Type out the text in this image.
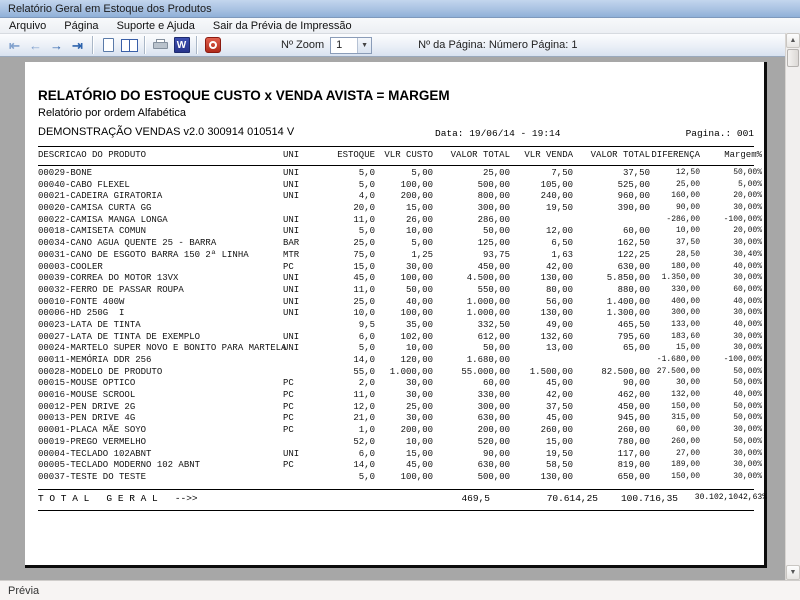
Relatório Geral em Estoque dos Produtos
Arquivo	Página	Suporte e Ajuda	Sair da Prévia de Impressão
⇤ ← → ⇥	W	Nº Zoom	1	▼	Nº da Página: Número Página: 1
RELATÓRIO DO ESTOQUE CUSTO x VENDA AVISTA = MARGEM
Relatório por ordem Alfabética
DEMONSTRAÇÃO VENDAS v2.0 300914 010514 V	Data: 19/06/14 - 19:14	Pagina.: 001
DESCRICAO DO PRODUTO	UNI	ESTOQUE	VLR CUSTO	VALOR TOTAL	VLR VENDA	VALOR TOTAL DIFERENÇA	Margem%
00029-BONE	UNI	5,0	5,00	25,00	7,50	37,50	12,50	50,00%
00040-CABO FLEXEL	UNI	5,0	100,00	500,00	105,00	525,00	25,00	5,00%
00021-CADEIRA GIRATORIA	UNI	4,0	200,00	800,00	240,00	960,00	160,00	20,00%
00020-CAMISA CURTA GG	20,0	15,00	300,00	19,50	390,00	90,00	30,00%
00022-CAMISA MANGA LONGA	UNI	11,0	26,00	286,00	-286,00	-100,00%
00018-CAMISETA COMUN	UNI	5,0	10,00	50,00	12,00	60,00	10,00	20,00%
00034-CANO AGUA QUENTE 25 - BARRA	BAR	25,0	5,00	125,00	6,50	162,50	37,50	30,00%
00031-CANO DE ESGOTO BARRA 150 2ª LINHA	MTR	75,0	1,25	93,75	1,63	122,25	28,50	30,40%
00003-COOLER	PC	15,0	30,00	450,00	42,00	630,00	180,00	40,00%
00039-CORREA DO MOTOR 13VX	UNI	45,0	100,00	4.500,00	130,00	5.850,00	1.350,00	30,00%
00032-FERRO DE PASSAR ROUPA	UNI	11,0	50,00	550,00	80,00	880,00	330,00	60,00%
00010-FONTE 400W	UNI	25,0	40,00	1.000,00	56,00	1.400,00	400,00	40,00%
00006-HD 250G  I	UNI	10,0	100,00	1.000,00	130,00	1.300,00	300,00	30,00%
00023-LATA DE TINTA	9,5	35,00	332,50	49,00	465,50	133,00	40,00%
00027-LATA DE TINTA DE EXEMPLO	UNI	6,0	102,00	612,00	132,60	795,60	183,60	30,00%
00024-MARTELO SUPER NOVO E BONITO PARA MARTELA
UNI	5,0	10,00	50,00	13,00	65,00	15,00	30,00%
00011-MEMÓRIA DDR 256	14,0	120,00	1.680,00	-1.680,00	-100,00%
00028-MODELO DE PRODUTO	55,0	1.000,00	55.000,00	1.500,00	82.500,00 27.500,00	50,00%
00015-MOUSE OPTICO	PC	2,0	30,00	60,00	45,00	90,00	30,00	50,00%
00016-MOUSE SCROOL	PC	11,0	30,00	330,00	42,00	462,00	132,00	40,00%
00012-PEN DRIVE 2G	PC	12,0	25,00	300,00	37,50	450,00	150,00	50,00%
00013-PEN DRIVE 4G	PC	21,0	30,00	630,00	45,00	945,00	315,00	50,00%
00001-PLACA MÃE SOYO	PC	1,0	200,00	200,00	260,00	260,00	60,00	30,00%
00019-PREGO VERMELHO	52,0	10,00	520,00	15,00	780,00	260,00	50,00%
00004-TECLADO 102ABNT	UNI	6,0	15,00	90,00	19,50	117,00	27,00	30,00%
00005-TECLADO MODERNO 102 ABNT	PC	14,0	45,00	630,00	58,50	819,00	189,00	30,00%
00037-TESTE DO TESTE	5,0	100,00	500,00	130,00	650,00	150,00	30,00%
T O T A L   G E R A L   -->>	469,5	70.614,25 100.716,35 30.102,10 42,63%
▲
▼
Prévia
